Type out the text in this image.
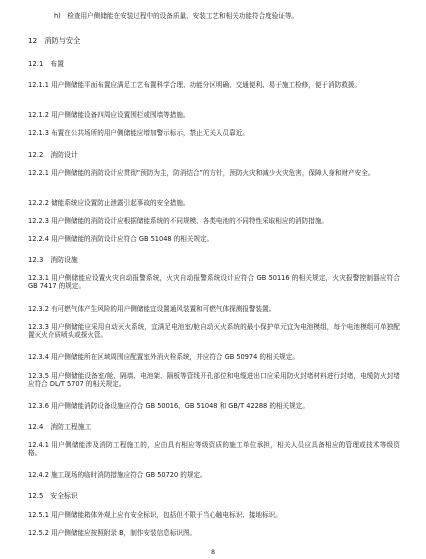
h)　检查用户侧储能在安装过程中的设备质量、安装工艺和相关功能符合度验证等。
12　消防与安全
12.1　布置
12.1.1 用户侧储能平面布置应满足工艺布置科学合理、功能分区明确、交通便利、易于施工检修，便于消防救援。
12.1.2 用户侧储能设备四周应设置围栏或围墙等措施。
12.1.3 布置在公共场所的用户侧储能应增加警示标示，禁止无关人员靠近。
12.2　消防设计
12.2.1 用户侧储能的消防设计应贯彻“预防为主，防消结合”的方针，预防火灾和减少火灾危害，保障人身和财产安全。
12.2.2 储能系统应设置防止泄露引起事故的安全措施。
12.2.3 用户侧储能的消防设计应根据储能系统的不同规模、各类电池的不同特性采取相应的消防措施。
12.2.4 用户侧储能的消防设计应符合 GB 51048 的相关规定。
12.3　消防设施
12.3.1 用户侧储能应设置火灾自动报警系统，火灾自动报警系统设计应符合 GB 50116 的相关规定，火灾报警控制器应符合 GB 7417 的规定。
12.3.2 有可燃气体产生风险的用户侧储能宜设置通风装置和可燃气体探测报警装置。
12.3.3 用户侧储能应采用自动灭火系统，宜满足电池室/舱自动灭火系统的最小保护单元宜为电池模组，每个电池模组可单独配置灭火介质喷头或探火管。
12.3.4 用户侧储能所在区域周围应配置室外消火栓系统，并应符合 GB 50974 的相关规定。
12.3.5 用户侧储能设备室/舱、隔墙、电池架、隔板等管线开孔部位和电缆进出口应采用防火封堵材料进行封堵，电缆防火封堵应符合 DL/T 5707 的相关规定。
12.3.6 用户侧储能消防设备设施应符合 GB 50016、GB 51048 和 GB/T 42288 的相关规定。
12.4　消防工程施工
12.4.1 用户侧储能涉及消防工程施工的，应由具有相应等级资质的施工单位承担，相关人员应具备相应的管理或技术等级资格。
12.4.2 施工现场的临时消防措施应符合 GB 50720 的规定。
12.5　安全标识
12.5.1 用户侧储能箱体外观上应有安全标识，包括但不限于当心触电标识、接地标识。
12.5.2 用户侧储能应按照附录 B，制作安装信息标识图。
8
